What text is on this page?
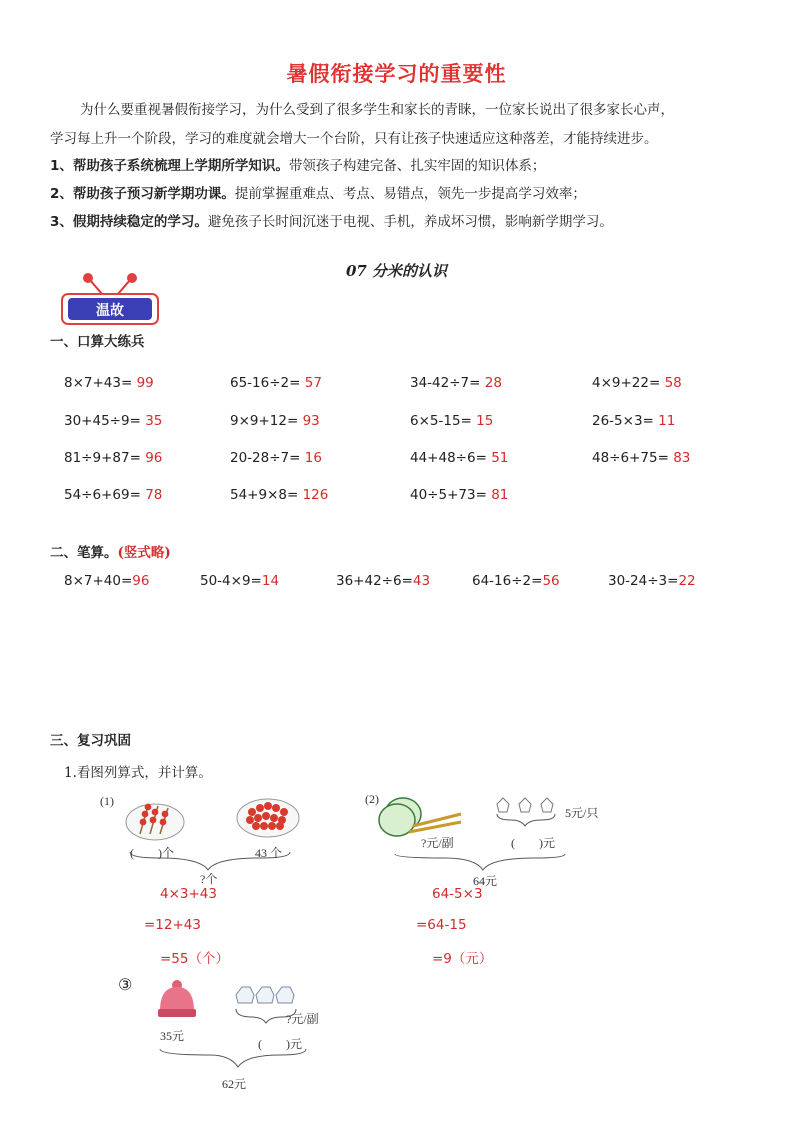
暑假衔接学习的重要性
为什么要重视暑假衔接学习，为什么受到了很多学生和家长的青睐，一位家长说出了很多家长心声，
学习每上升一个阶段，学习的难度就会增大一个台阶，只有让孩子快速适应这种落差，才能持续进步。
1、帮助孩子系统梳理上学期所学知识。带领孩子构建完备、扎实牢固的知识体系；
2、帮助孩子预习新学期功课。提前掌握重难点、考点、易错点，领先一步提高学习效率；
3、假期持续稳定的学习。避免孩子长时间沉迷于电视、手机，养成坏习惯，影响新学期学习。
07 分米的认识
温故
一、口算大练兵
8×7+43= 99	65-16÷2= 57	34-42÷7= 28	4×9+22= 58
30+45÷9= 35	9×9+12= 93	6×5-15= 15	26-5×3= 11
81÷9+87= 96	20-28÷7= 16	44+48÷6= 51	48÷6+75= 83
54÷6+69= 78	54+9×8= 126	40÷5+73= 81
二、笔算。(竖式略)
8×7+40=96	50-4×9=14	36+42÷6=43	64-16÷2=56	30-24÷3=22
三、复习巩固
1.看图列算式，并计算。
(1)
(　　)个	43 个
?个
(2)
5元/只
?元/副	(　　)元
64元
4×3+43
=12+43
=55（个）
64-5×3
=64-15
=9（元）
③
35元
?元/副
(　　)元
62元
